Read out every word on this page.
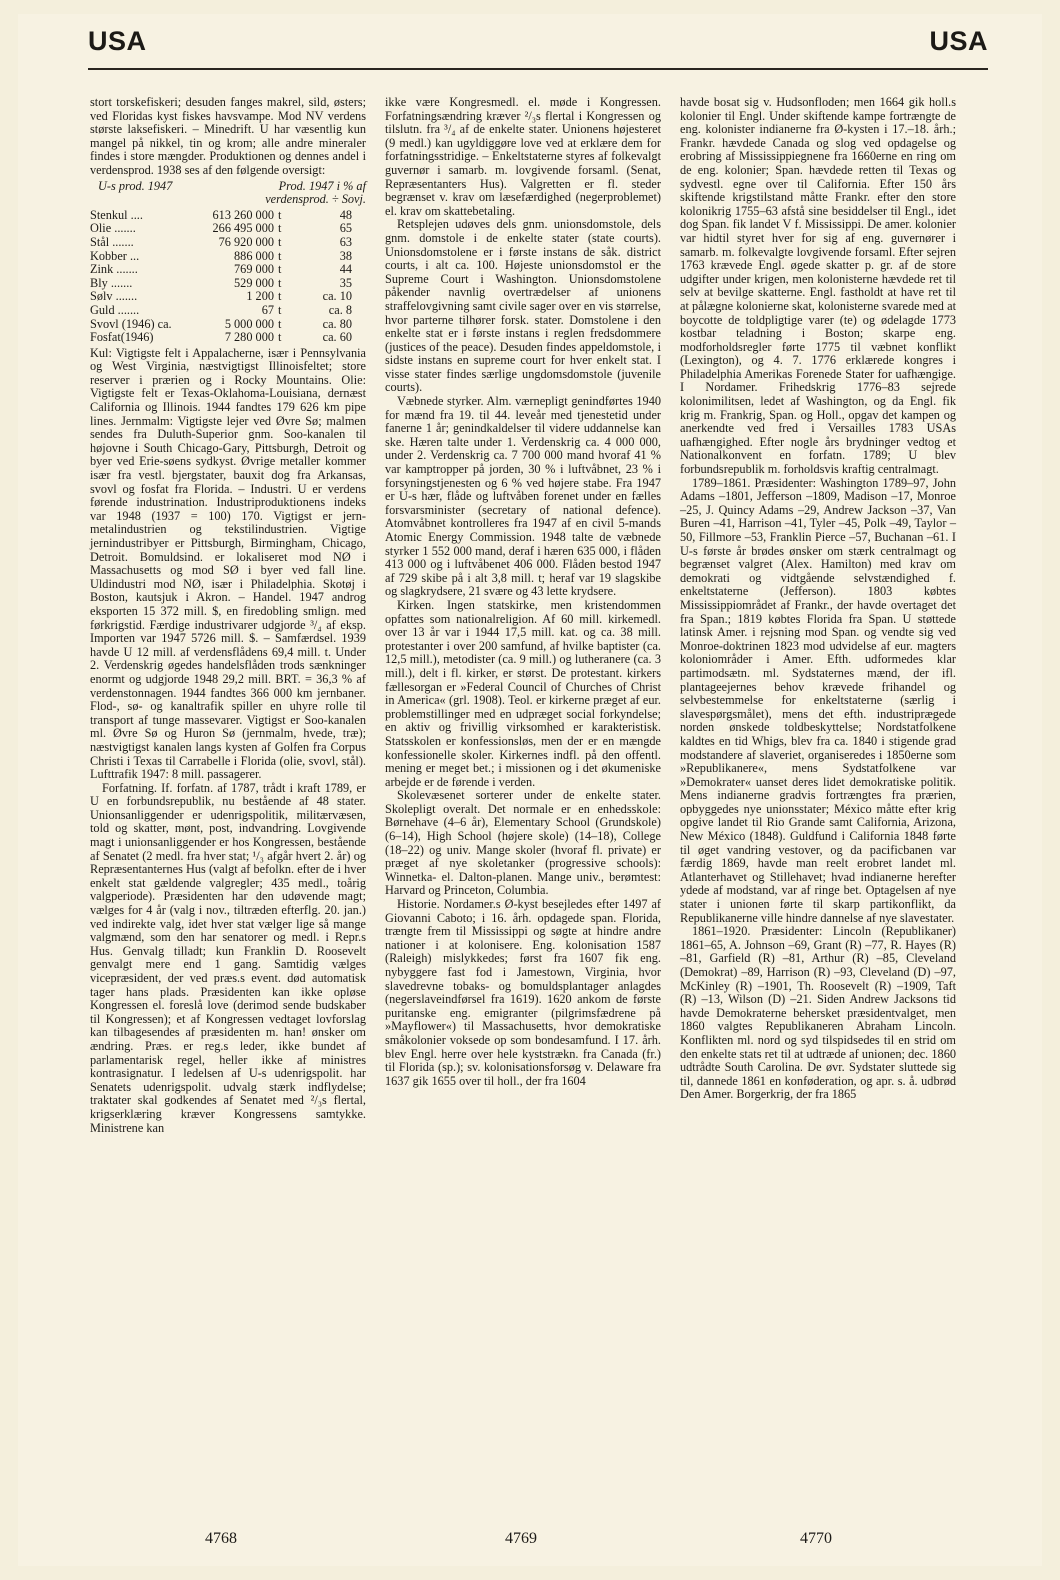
USA	USA

stort torskefiskeri; desuden fanges makrel, sild, østers; ved Floridas kyst fiskes havsvampe. Mod NV verdens største laksefiskeri. – Minedrift. U har væsentlig kun mangel på nikkel, tin og krom; alle andre mineraler findes i store mængder. Produktionen og dennes andel i verdensprod. 1938 ses af den følgende oversigt:

U-s prod. 1947	Prod. 1947 i % af
verdensprod. ÷ Sovj.
Stenkul ....	613 260 000	t	48
Olie .......	266 495 000	t	65
Stål .......	76 920 000	t	63
Kobber ...	886 000	t	38
Zink .......	769 000	t	44
Bly .......	529 000	t	35
Sølv .......	1 200	t	ca. 10
Guld .......	67	t	ca. 8
Svovl (1946) ca.	5 000 000	t	ca. 80
Fosfat(1946)	7 280 000	t	ca. 60

Kul: Vigtigste felt i Appalacherne, især i Pennsylvania og West Virginia, næstvigtigst Illinoisfeltet; store reserver i prærien og i Rocky Mountains. Olie: Vigtigste felt er Texas-Oklahoma-Louisiana, dernæst California og Illinois. 1944 fandtes 179 626 km pipe lines. Jernmalm: Vigtigste lejer ved Øvre Sø; malmen sendes fra Duluth-Superior gnm. Soo-kanalen til højovne i South Chicago-Gary, Pittsburgh, Detroit og byer ved Erie-søens sydkyst. Øvrige metaller kommer især fra vestl. bjergstater, bauxit dog fra Arkansas, svovl og fosfat fra Florida. – Industri. U er verdens førende industrination. Industriproduktionens indeks var 1948 (1937 = 100) 170. Vigtigst er jern-metalindustrien og tekstilindustrien. Vigtige jernindustribyer er Pittsburgh, Birmingham, Chicago, Detroit. Bomuldsind. er lokaliseret mod NØ i Massachusetts og mod SØ i byer ved fall line. Uldindustri mod NØ, især i Philadelphia. Skotøj i Boston, kautsjuk i Akron. – Handel. 1947 androg eksporten 15 372 mill. $, en firedobling smlign. med førkrigstid. Færdige industrivarer udgjorde ³/₄ af eksp. Importen var 1947 5726 mill. $. – Samfærdsel. 1939 havde U 12 mill. af verdensflådens 69,4 mill. t. Under 2. Verdenskrig øgedes handelsflåden trods sænkninger enormt og udgjorde 1948 29,2 mill. BRT. = 36,3 % af verdenstonnagen. 1944 fandtes 366 000 km jernbaner. Flod-, sø- og kanaltrafik spiller en uhyre rolle til transport af tunge massevarer. Vigtigst er Soo-kanalen ml. Øvre Sø og Huron Sø (jernmalm, hvede, træ); næstvigtigst kanalen langs kysten af Golfen fra Corpus Christi i Texas til Carrabelle i Florida (olie, svovl, stål). Lufttrafik 1947: 8 mill. passagerer.

Forfatning. If. forfatn. af 1787, trådt i kraft 1789, er U en forbundsrepublik, nu bestående af 48 stater. Unionsanliggender er udenrigspolitik, militærvæsen, told og skatter, mønt, post, indvandring. Lovgivende magt i unionsanliggender er hos Kongressen, bestående af Senatet (2 medl. fra hver stat; ¹/₃ afgår hvert 2. år) og Repræsentanternes Hus (valgt af befolkn. efter de i hver enkelt stat gældende valgregler; 435 medl., toårig valgperiode). Præsidenten har den udøvende magt; vælges for 4 år (valg i nov., tiltræden efterflg. 20. jan.) ved indirekte valg, idet hver stat vælger lige så mange valgmænd, som den har senatorer og medl. i Repr.s Hus. Genvalg tilladt; kun Franklin D. Roosevelt genvalgt mere end 1 gang. Samtidig vælges vicepræsident, der ved præs.s event. død automatisk tager hans plads. Præsidenten kan ikke opløse Kongressen el. foreslå love (derimod sende budskaber til Kongressen); et af Kongressen vedtaget lovforslag kan tilbagesendes af præsidenten m. han! ønsker om ændring. Præs. er reg.s leder, ikke bundet af parlamentarisk regel, heller ikke af ministres kontrasignatur. I ledelsen af U-s udenrigspolit. har Senatets udenrigspolit. udvalg stærk indflydelse; traktater skal godkendes af Senatet med ²/₃s flertal, krigserklæring kræver Kongressens samtykke. Ministrene kan

ikke være Kongresmedl. el. møde i Kongressen. Forfatningsændring kræver ²/₃s flertal i Kongressen og tilslutn. fra ³/₄ af de enkelte stater. Unionens højesteret (9 medl.) kan ugyldiggøre love ved at erklære dem for forfatningsstridige. – Enkeltstaterne styres af folkevalgt guvernør i samarb. m. lovgivende forsaml. (Senat, Repræsentanters Hus). Valgretten er fl. steder begrænset v. krav om læsefærdighed (negerproblemet) el. krav om skattebetaling.

Retsplejen udøves dels gnm. unionsdomstole, dels gnm. domstole i de enkelte stater (state courts). Unionsdomstolene er i første instans de såk. district courts, i alt ca. 100. Højeste unionsdomstol er the Supreme Court i Washington. Unionsdomstolene påkender navnlig overtrædelser af unionens straffelovgivning samt civile sager over en vis størrelse, hvor parterne tilhører forsk. stater. Domstolene i den enkelte stat er i første instans i reglen fredsdommere (justices of the peace). Desuden findes appeldomstole, i sidste instans en supreme court for hver enkelt stat. I visse stater findes særlige ungdomsdomstole (juvenile courts).

Væbnede styrker. Alm. værnepligt genindførtes 1940 for mænd fra 19. til 44. leveår med tjenestetid under fanerne 1 år; genindkaldelser til videre uddannelse kan ske. Hæren talte under 1. Verdenskrig ca. 4 000 000, under 2. Verdenskrig ca. 7 700 000 mand hvoraf 41 % var kamptropper på jorden, 30 % i luftvåbnet, 23 % i forsyningstjenesten og 6 % ved højere stabe. Fra 1947 er U-s hær, flåde og luftvåben forenet under en fælles forsvarsminister (secretary of national defence). Atomvåbnet kontrolleres fra 1947 af en civil 5-mands Atomic Energy Commission. 1948 talte de væbnede styrker 1 552 000 mand, deraf i hæren 635 000, i flåden 413 000 og i luftvåbenet 406 000. Flåden bestod 1947 af 729 skibe på i alt 3,8 mill. t; heraf var 19 slagskibe og slagkrydsere, 21 svære og 43 lette krydsere.

Kirken. Ingen statskirke, men kristendommen opfattes som nationalreligion. Af 60 mill. kirkemedl. over 13 år var i 1944 17,5 mill. kat. og ca. 38 mill. protestanter i over 200 samfund, af hvilke baptister (ca. 12,5 mill.), metodister (ca. 9 mill.) og lutheranere (ca. 3 mill.), delt i fl. kirker, er størst. De protestant. kirkers fællesorgan er »Federal Council of Churches of Christ in America« (grl. 1908). Teol. er kirkerne præget af eur. problemstillinger med en udpræget social forkyndelse; en aktiv og frivillig virksomhed er karakteristisk. Statsskolen er konfessionsløs, men der er en mængde konfessionelle skoler. Kirkernes indfl. på den offentl. mening er meget bet.; i missionen og i det økumeniske arbejde er de førende i verden.

Skolevæsenet sorterer under de enkelte stater. Skolepligt overalt. Det normale er en enhedsskole: Børnehave (4–6 år), Elementary School (Grundskole) (6–14), High School (højere skole) (14–18), College (18–22) og univ. Mange skoler (hvoraf fl. private) er præget af nye skoletanker (progressive schools): Winnetka- el. Dalton-planen. Mange univ., berømtest: Harvard og Princeton, Columbia.

Historie. Nordamer.s Ø-kyst besejledes efter 1497 af Giovanni Caboto; i 16. årh. opdagede span. Florida, trængte frem til Mississippi og søgte at hindre andre nationer i at kolonisere. Eng. kolonisation 1587 (Raleigh) mislykkedes; først fra 1607 fik eng. nybyggere fast fod i Jamestown, Virginia, hvor slavedrevne tobaks- og bomuldsplantager anlagdes (negerslaveindførsel fra 1619). 1620 ankom de første puritanske eng. emigranter (pilgrimsfædrene på »Mayflower«) til Massachusetts, hvor demokratiske småkolonier voksede op som bondesamfund. I 17. årh. blev Engl. herre over hele kyststrækn. fra Canada (fr.) til Florida (sp.); sv. kolonisationsforsøg v. Delaware fra 1637 gik 1655 over til holl., der fra 1604

havde bosat sig v. Hudsonfloden; men 1664 gik holl.s kolonier til Engl. Under skiftende kampe fortrængte de eng. kolonister indianerne fra Ø-kysten i 17.–18. årh.; Frankr. hævdede Canada og slog ved opdagelse og erobring af Mississippiegnene fra 1660erne en ring om de eng. kolonier; Span. hævdede retten til Texas og sydvestl. egne over til California. Efter 150 års skiftende krigstilstand måtte Frankr. efter den store kolonikrig 1755–63 afstå sine besiddelser til Engl., idet dog Span. fik landet V f. Mississippi. De amer. kolonier var hidtil styret hver for sig af eng. guvernører i samarb. m. folkevalgte lovgivende forsaml. Efter sejren 1763 krævede Engl. øgede skatter p. gr. af de store udgifter under krigen, men kolonisterne hævdede ret til selv at bevilge skatterne. Engl. fastholdt at have ret til at pålægne kolonierne skat, kolonisterne svarede med at boycotte de toldpligtige varer (te) og ødelagde 1773 kostbar teladning i Boston; skarpe eng. modforholdsregler førte 1775 til væbnet konflikt (Lexington), og 4. 7. 1776 erklærede kongres i Philadelphia Amerikas Forenede Stater for uafhængige. I Nordamer. Frihedskrig 1776–83 sejrede kolonimilitsen, ledet af Washington, og da Engl. fik krig m. Frankrig, Span. og Holl., opgav det kampen og anerkendte ved fred i Versailles 1783 USAs uafhængighed. Efter nogle års brydninger vedtog et Nationalkonvent en forfatn. 1789; U blev forbundsrepublik m. forholdsvis kraftig centralmagt.

1789–1861. Præsidenter: Washington 1789–97, John Adams –1801, Jefferson –1809, Madison –17, Monroe –25, J. Quincy Adams –29, Andrew Jackson –37, Van Buren –41, Harrison –41, Tyler –45, Polk –49, Taylor –50, Fillmore –53, Franklin Pierce –57, Buchanan –61. I U-s første år brødes ønsker om stærk centralmagt og begrænset valgret (Alex. Hamilton) med krav om demokrati og vidtgående selvstændighed f. enkeltstaterne (Jefferson). 1803 købtes Mississippiområdet af Frankr., der havde overtaget det fra Span.; 1819 købtes Florida fra Span. U støttede latinsk Amer. i rejsning mod Span. og vendte sig ved Monroe-doktrinen 1823 mod udvidelse af eur. magters koloniområder i Amer. Efth. udformedes klar partimodsætn. ml. Sydstaternes mænd, der ifl. plantageejernes behov krævede frihandel og selvbestemmelse for enkeltstaterne (særlig i slavespørgsmålet), mens det efth. industriprægede norden ønskede toldbeskyttelse; Nordstatfolkene kaldtes en tid Whigs, blev fra ca. 1840 i stigende grad modstandere af slaveriet, organiseredes i 1850erne som »Republikanere«, mens Sydstatfolkene var »Demokrater« uanset deres lidet demokratiske politik. Mens indianerne gradvis fortrængtes fra prærien, opbyggedes nye unionsstater; México måtte efter krig opgive landet til Rio Grande samt California, Arizona, New México (1848). Guldfund i California 1848 førte til øget vandring vestover, og da pacificbanen var færdig 1869, havde man reelt erobret landet ml. Atlanterhavet og Stillehavet; hvad indianerne herefter ydede af modstand, var af ringe bet. Optagelsen af nye stater i unionen førte til skarp partikonflikt, da Republikanerne ville hindre dannelse af nye slavestater.

1861–1920. Præsidenter: Lincoln (Republikaner) 1861–65, A. Johnson –69, Grant (R) –77, R. Hayes (R) –81, Garfield (R) –81, Arthur (R) –85, Cleveland (Demokrat) –89, Harrison (R) –93, Cleveland (D) –97, McKinley (R) –1901, Th. Roosevelt (R) –1909, Taft (R) –13, Wilson (D) –21. Siden Andrew Jacksons tid havde Demokraterne behersket præsidentvalget, men 1860 valgtes Republikaneren Abraham Lincoln. Konflikten ml. nord og syd tilspidsedes til en strid om den enkelte stats ret til at udtræde af unionen; dec. 1860 udtrådte South Carolina. De øvr. Sydstater sluttede sig til, dannede 1861 en konføderation, og apr. s. å. udbrød Den Amer. Borgerkrig, der fra 1865

4768	4769	4770
